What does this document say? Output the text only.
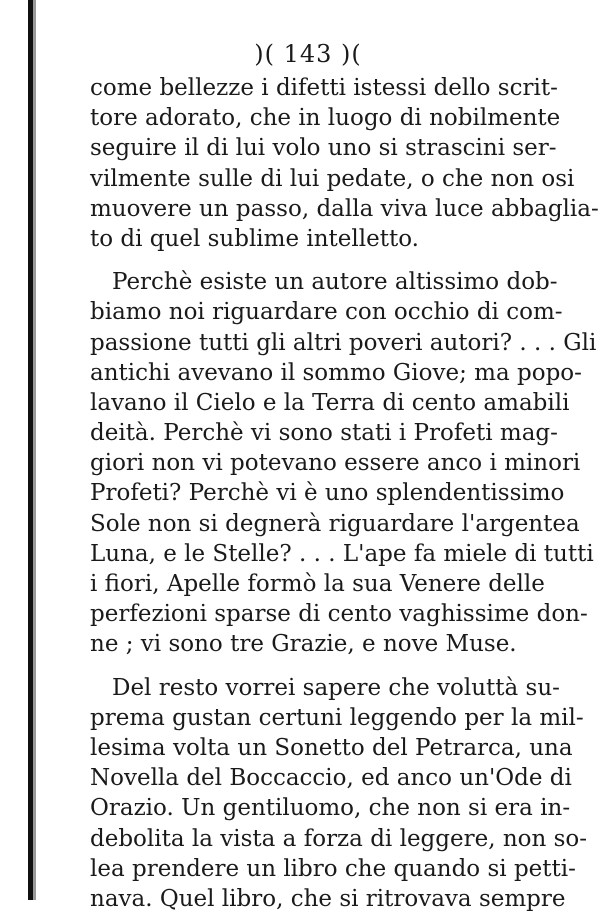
)( 143 )(
come bellezze i difetti istessi dello scrit-
tore adorato, che in luogo di nobilmente
seguire il di lui volo uno si strascini ser-
vilmente sulle di lui pedate, o che non osi
muovere un passo, dalla viva luce abbaglia-
to di quel sublime intelletto.
Perchè esiste un autore altissimo dob-
biamo noi riguardare con occhio di com-
passione tutti gli altri poveri autori? . . . Gli
antichi avevano il sommo Giove; ma popo-
lavano il Cielo e la Terra di cento amabili
deità. Perchè vi sono stati i Profeti mag-
giori non vi potevano essere anco i minori
Profeti? Perchè vi è uno splendentissimo
Sole non si degnerà riguardare l'argentea
Luna, e le Stelle? . . . L'ape fa miele di tutti
i fiori, Apelle formò la sua Venere delle
perfezioni sparse di cento vaghissime don-
ne ; vi sono tre Grazie, e nove Muse.
Del resto vorrei sapere che voluttà su-
prema gustan certuni leggendo per la mil-
lesima volta un Sonetto del Petrarca, una
Novella del Boccaccio, ed anco un'Ode di
Orazio. Un gentiluomo, che non si era in-
debolita la vista a forza di leggere, non so-
lea prendere un libro che quando si petti-
nava. Quel libro, che si ritrovava sempre
